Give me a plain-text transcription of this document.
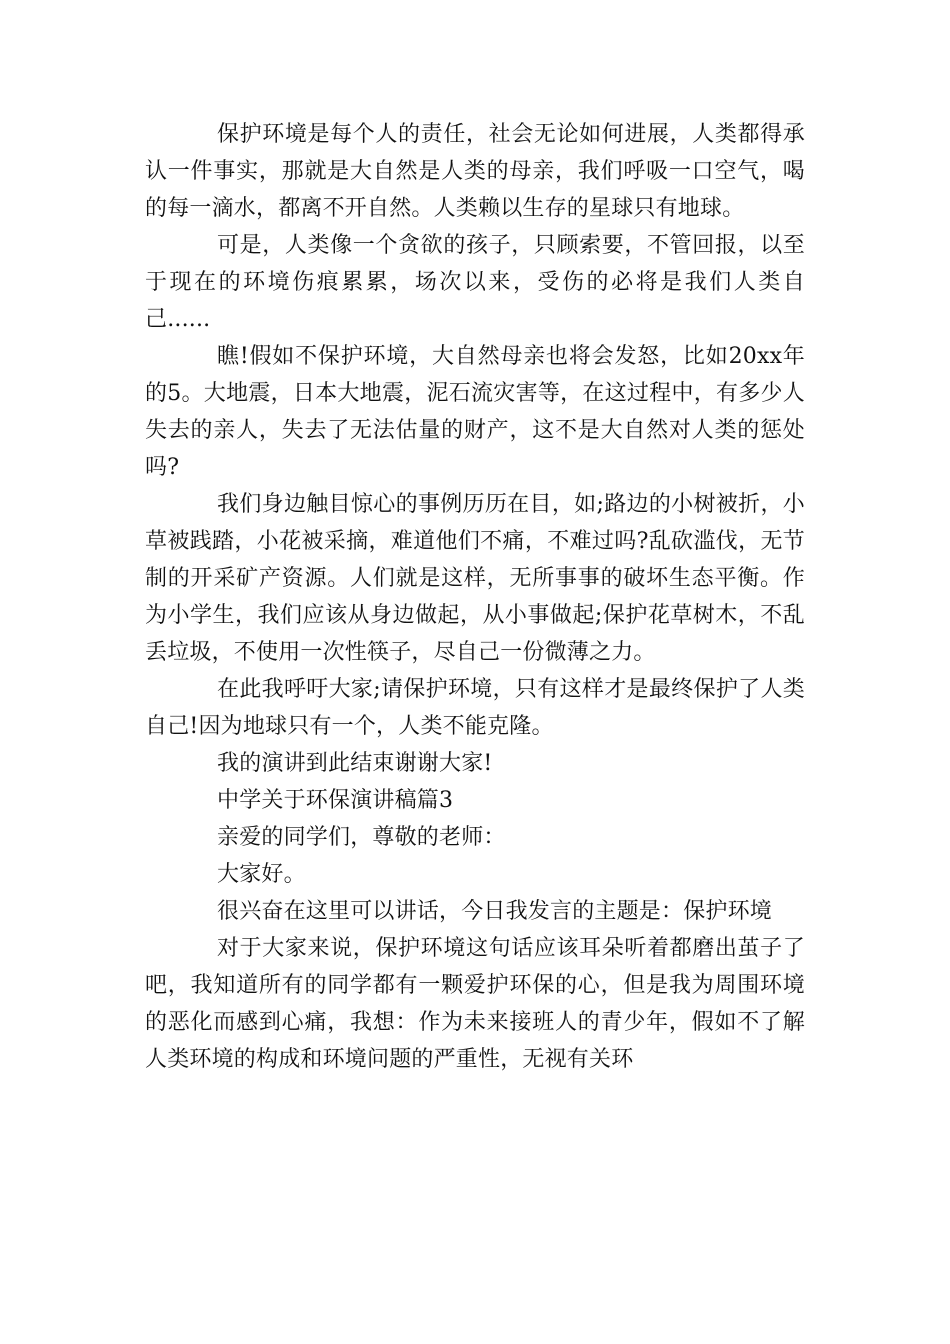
保护环境是每个人的责任，社会无论如何进展，人类都得承认一件事实，那就是大自然是人类的母亲，我们呼吸一口空气，喝的每一滴水，都离不开自然。人类赖以生存的星球只有地球。

可是，人类像一个贪欲的孩子，只顾索要，不管回报，以至于现在的环境伤痕累累，场次以来，受伤的必将是我们人类自己......

瞧!假如不保护环境，大自然母亲也将会发怒，比如20xx年的5。大地震，日本大地震，泥石流灾害等，在这过程中，有多少人失去的亲人，失去了无法估量的财产，这不是大自然对人类的惩处吗?

我们身边触目惊心的事例历历在目，如;路边的小树被折，小草被践踏，小花被采摘，难道他们不痛，不难过吗?乱砍滥伐，无节制的开采矿产资源。人们就是这样，无所事事的破坏生态平衡。作为小学生，我们应该从身边做起，从小事做起;保护花草树木，不乱丢垃圾，不使用一次性筷子，尽自己一份微薄之力。

在此我呼吁大家;请保护环境，只有这样才是最终保护了人类自己!因为地球只有一个，人类不能克隆。

我的演讲到此结束谢谢大家!

中学关于环保演讲稿篇3

亲爱的同学们，尊敬的老师：

大家好。

很兴奋在这里可以讲话，今日我发言的主题是：保护环境

对于大家来说，保护环境这句话应该耳朵听着都磨出茧子了吧，我知道所有的同学都有一颗爱护环保的心，但是我为周围环境的恶化而感到心痛，我想：作为未来接班人的青少年，假如不了解人类环境的构成和环境问题的严重性，无视有关环
